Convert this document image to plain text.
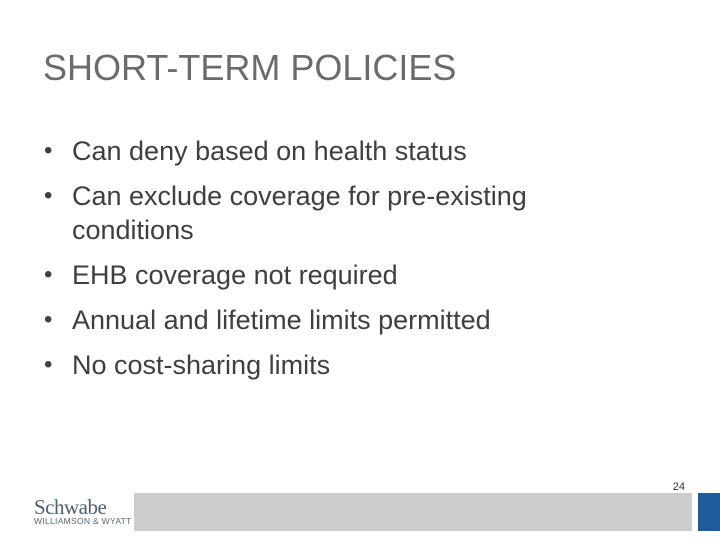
SHORT-TERM POLICIES
• Can deny based on health status
• Can exclude coverage for pre-existing conditions
• EHB coverage not required
• Annual and lifetime limits permitted
• No cost-sharing limits
Schwabe
WILLIAMSON & WYATT
24
